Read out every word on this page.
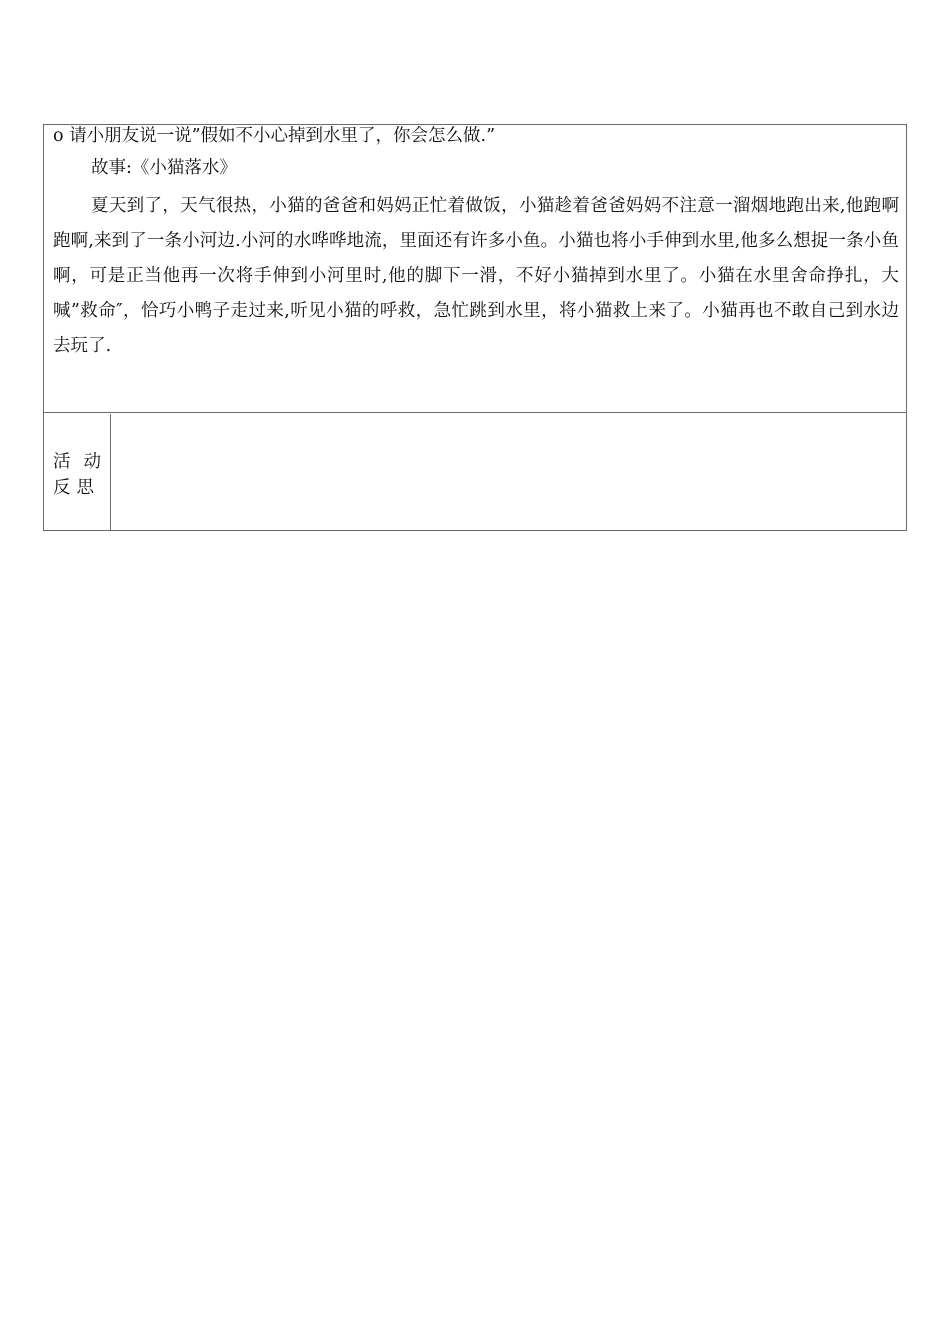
o 请小朋友说一说”假如不小心掉到水里了，你会怎么做.”

故事:《小猫落水》

夏天到了，天气很热，小猫的爸爸和妈妈正忙着做饭，小猫趁着爸爸妈妈不注意一溜烟地跑出来,他跑啊跑啊,来到了一条小河边.小河的水哗哗地流，里面还有许多小鱼。小猫也将小手伸到水里,他多么想捉一条小鱼啊，可是正当他再一次将手伸到小河里时,他的脚下一滑，不好小猫掉到水里了。小猫在水里舍命挣扎，大喊”救命″，恰巧小鸭子走过来,听见小猫的呼救，急忙跳到水里，将小猫救上来了。小猫再也不敢自己到水边去玩了.

活动
反思
